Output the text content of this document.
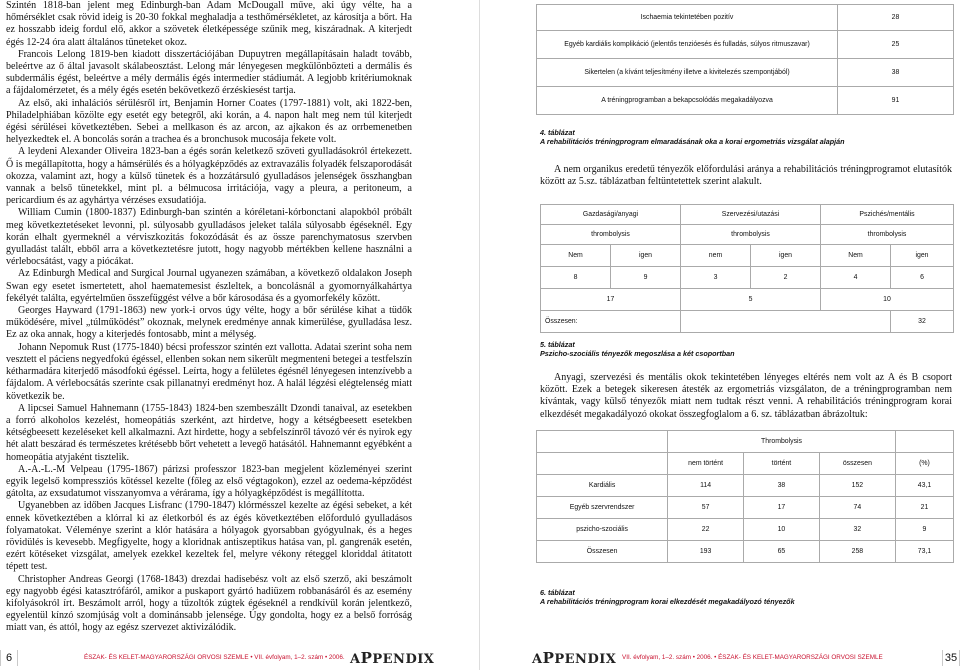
Szintén 1818-ban jelent meg Edinburgh-ban Adam McDougall műve, aki úgy vélte, ha a hőmérséklet csak rövid ideig is 20-30 fokkal meghaladja a testhőmérsékletet, az károsítja a bőrt. Ha ez hosszabb ideig fordul elő, akkor a szövetek életképessége szűnik meg, kiszáradnak. A kiterjedt égés 12-24 óra alatt általános tüneteket okoz.

Francois Lelong 1819-ben kiadott disszertációjában Dupuytren megállapításain haladt tovább, beleértve az ő által javasolt skálabeosztást. Lelong már lényegesen megkülönbözteti a dermális és subdermális égést, beleértve a mély dermális égés intermedier stádiumát. A legjobb kritériumoknak a fájdalomérzetet, és a mély égés esetén bekövetkező érzéskiesést tartja.

Az első, aki inhalációs sérülésről írt, Benjamin Horner Coates (1797-1881) volt, aki 1822-ben, Philadelphiában közölte egy esetét egy betegről, aki korán, a 4. napon halt meg nem túl kiterjedt égési sérülései következtében. Sebei a mellkason és az arcon, az ajkakon és az orrbemenetben helyezkedtek el. A boncolás során a trachea és a bronchusok mucosája fekete volt.

A leydeni Alexander Oliveira 1823-ban a égés során keletkező szöveti gyulladásokról értekezett. Ő is megállapította, hogy a hámsérülés és a hólyagképződés az extravazális folyadék felszaporodását okozza, valamint azt, hogy a külső tünetek és a hozzátársuló gyulladásos jelenségek összhangban vannak a belső tünetekkel, mint pl. a bélmucosa irritációja, vagy a pleura, a peritoneum, a pericardium és az agyhártya vérzéses exsudatiója.

William Cumin (1800-1837) Edinburgh-ban szintén a kóréletani-kórbonctani alapokból próbált meg következtetéseket levonni, pl. súlyosabb gyulladásos jeleket talála súlyosabb égéseknél. Egy korán elhalt gyermeknél a vérviszkozitás fokozódását és az össze parenchymatosus szervben gyulladást talált, ebből arra a következtetésre jutott, hogy nagyobb mértékben kellene használni a vérlebocsátást, vagy a piócákat.

Az Edinburgh Medical and Surgical Journal ugyanezen számában, a következő oldalakon Joseph Swan egy esetet ismertetett, ahol haematemesist észleltek, a boncolásnál a gyomornyálkahártya fekélyét találta, egyértelműen összefüggést vélve a bőr károsodása és a gyomorfekély között.

Georges Hayward (1791-1863) new york-i orvos úgy vélte, hogy a bőr sérülése kihat a tüdők működésére, mivel „túlműködést” okoznak, melynek eredménye annak kimerülése, gyulladása lesz. Ez az oka annak, hogy a kiterjedés fontosabb, mint a mélység.

Johann Nepomuk Rust (1775-1840) bécsi professzor szintén ezt vallotta. Adatai szerint soha nem vesztett el páciens negyedfokú égéssel, ellenben sokan nem sikerült megmenteni betegei a testfelszín kétharmadára kiterjedő másodfokú égéssel. Leírta, hogy a felületes égésnél lényegesen intenzívebb a fájdalom. A vérlebocsátás szerinte csak pillanatnyi eredményt hoz. A halál légzési elégtelenség miatt következik be.

A lipcsei Samuel Hahnemann (1755-1843) 1824-ben szembeszállt Dzondi tanaival, az esetekben a forró alkoholos kezelést, homeopátiás szerként, azt hirdetve, hogy a kétségbeesett esetekben kétségbeesett kezeléseket kell alkalmazni. Azt hirdette, hogy a sebfelszínről távozó vér és nyirok egy hét alatt beszárad és természetes krétésebb bőrt vehetett a levegő hatásától. Hahnemannt egyébként a homeopátia atyjaként tisztelik.

A.-A.-L.-M Velpeau (1795-1867) párizsi professzor 1823-ban megjelent közleményei szerint egyik legelső kompressziós kötéssel kezelte (főleg az első végtagokon), ezzel az oedema-képződést gátolta, az exsudatumot visszanyomva a vérárama, így a hólyagképződést is megállította.

Ugyanebben az időben Jacques Lisfranc (1790-1847) klórmésszel kezelte az égési sebeket, a két ennek következtében a klórral ki az életkorból és az égés következtében előforduló gyulladásos folyamatokat. Véleménye szerint a klór hatására a hólyagok gyorsabban gyógyulnak, és a heges rövidülés is kevesebb. Megfigyelte, hogy a kloridnak antiszeptikus hatása van, pl. gangrenák esetén, ezért kötéseket vizsgálat, amelyek ezekkel kezeltek fel, melyre vékony réteggel kloriddal átitatott tépett test.

Christopher Andreas Georgi (1768-1843) drezdai hadisebész volt az első szerző, aki beszámolt egy nagyobb égési katasztrófáról, amikor a puskaport gyártó hadiüzem robbanásáról és az esemény kifolyásokról írt. Beszámolt arról, hogy a tűzoltók zúgtek égéseknél a rendkívül korán jelentkező, egyelentül kínzó szomjúság volt a dominánsabb jelensége. Úgy gondolta, hogy ez a belső forróság miatt van, és attól, hogy az egész szervezet aktivizálódik.

6	ÉSZAK- ÉS KELET-MAGYARORSZÁGI ORVOSI SZEMLE • VII. évfolyam, 1–2. szám • 2006. APPENDIX
Ischaemia tekintetében pozitív	28
Egyéb kardiális komplikáció (jelentős tenzióesés és fulladás, súlyos ritmuszavar)	25
Sikertelen (a kívánt teljesítmény illetve a kivitelezés szempontjából)	38
A tréningprogramban a bekapcsolódás megakadályozva	91
4. táblázat
A rehabilitációs tréningprogram elmaradásának oka a korai ergometriás vizsgálat alapján
A nem organikus eredetű tényezők előfordulási aránya a rehabilitációs tréningprogramot elutasítók között az 5.sz. táblázatban feltüntetettek szerint alakult.
Gazdasági/anyagi		Szervezési/utazási		Pszichés/mentális	
thrombolysis		thrombolysis		thrombolysis	
Nem	igen	nem	igen	Nem	igen
8	9	3	2	4	6
17		5		10	
Összesen:					32
5. táblázat
Pszicho-szociális tényezők megoszlása a két csoportban
Anyagi, szervezési és mentális okok tekintetében lényeges eltérés nem volt az A és B csoport között. Ezek a betegek sikeresen átesték az ergometriás vizsgálaton, de a tréningprogramban nem kívántak, vagy külső tényezők miatt nem tudtak részt venni. A rehabilitációs tréningprogram korai elkezdését megakadályozó okokat összegfoglalom a 6. sz. táblázatban ábrázoltuk:
	Thrombolysis			
	nem történt	történt	összesen	(%)
Kardiális	114	38	152	43,1
Egyéb szervrendszer	57	17	74	21
pszicho-szociális	22	10	32	9
Összesen	193	65	258	73,1
6. táblázat
A rehabilitációs tréningprogram korai elkezdését megakadályozó tényezők
APPENDIX VII. évfolyam, 1–2. szám • 2006. • ÉSZAK- ÉS KELET-MAGYARORSZÁGI ORVOSI SZEMLE	35
